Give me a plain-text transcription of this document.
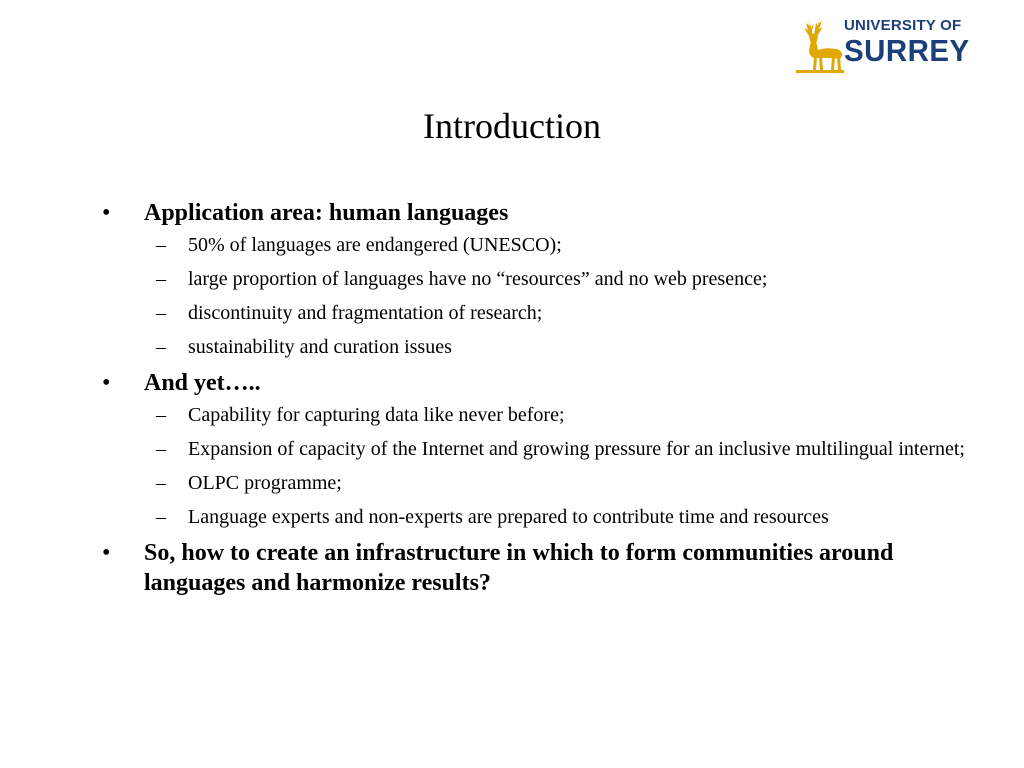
UNIVERSITY OF
SURREY
Introduction
• Application area: human languages
– 50% of languages are endangered (UNESCO);
– large proportion of languages have no “resources” and no web presence;
– discontinuity and fragmentation of research;
– sustainability and curation issues
• And yet…..
– Capability for capturing data like never before;
– Expansion of capacity of the Internet and growing pressure for an inclusive multilingual internet;
– OLPC programme;
– Language experts and non-experts are prepared to contribute time and resources
• So, how to create an infrastructure in which to form communities around languages and harmonize results?
